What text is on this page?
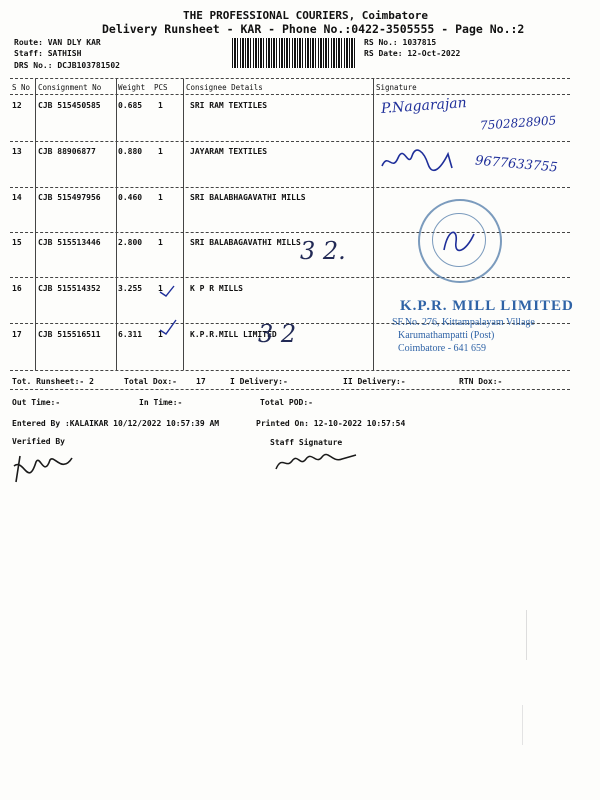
THE PROFESSIONAL COURIERS, Coimbatore
Delivery Runsheet - KAR - Phone No.:0422-3505555 - Page No.:2
Route: VAN DLY KAR
Staff: SATHISH
DRS No.: DCJB103781502
RS No.: 1037815
RS Date: 12-Oct-2022
S No Consignment No Weight PCS Consignee Details	Signature
12 CJB 515450585 0.685 1	SRI RAM TEXTILES
13 CJB 88906877	0.880 1	JAYARAM TEXTILES
14 CJB 515497956 0.460 1	SRI BALABHAGAVATHI MILLS
15 CJB 515513446 2.800 1	SRI BALABAGAVATHI MILLS
16 CJB 515514352 3.255 1	K P R MILLS
17 CJB 515516511 6.311 1	K.P.R.MILL LIMITED
P.Nagarajan
7502828905
9677633755
3 2.
3 2
K.P.R. MILL LIMITED
SF.No. 276, Kittampalayam Village
Karumathampatti (Post)
Coimbatore - 641 659
Tot. Runsheet:- 2	Total Dox:- 17	I Delivery:-	II Delivery:-	RTN Dox:-
Out Time:-	In Time:-	Total POD:-
Entered By :KALAIKAR 10/12/2022 10:57:39 AM	Printed On: 12-10-2022 10:57:54
Verified By	Staff Signature
